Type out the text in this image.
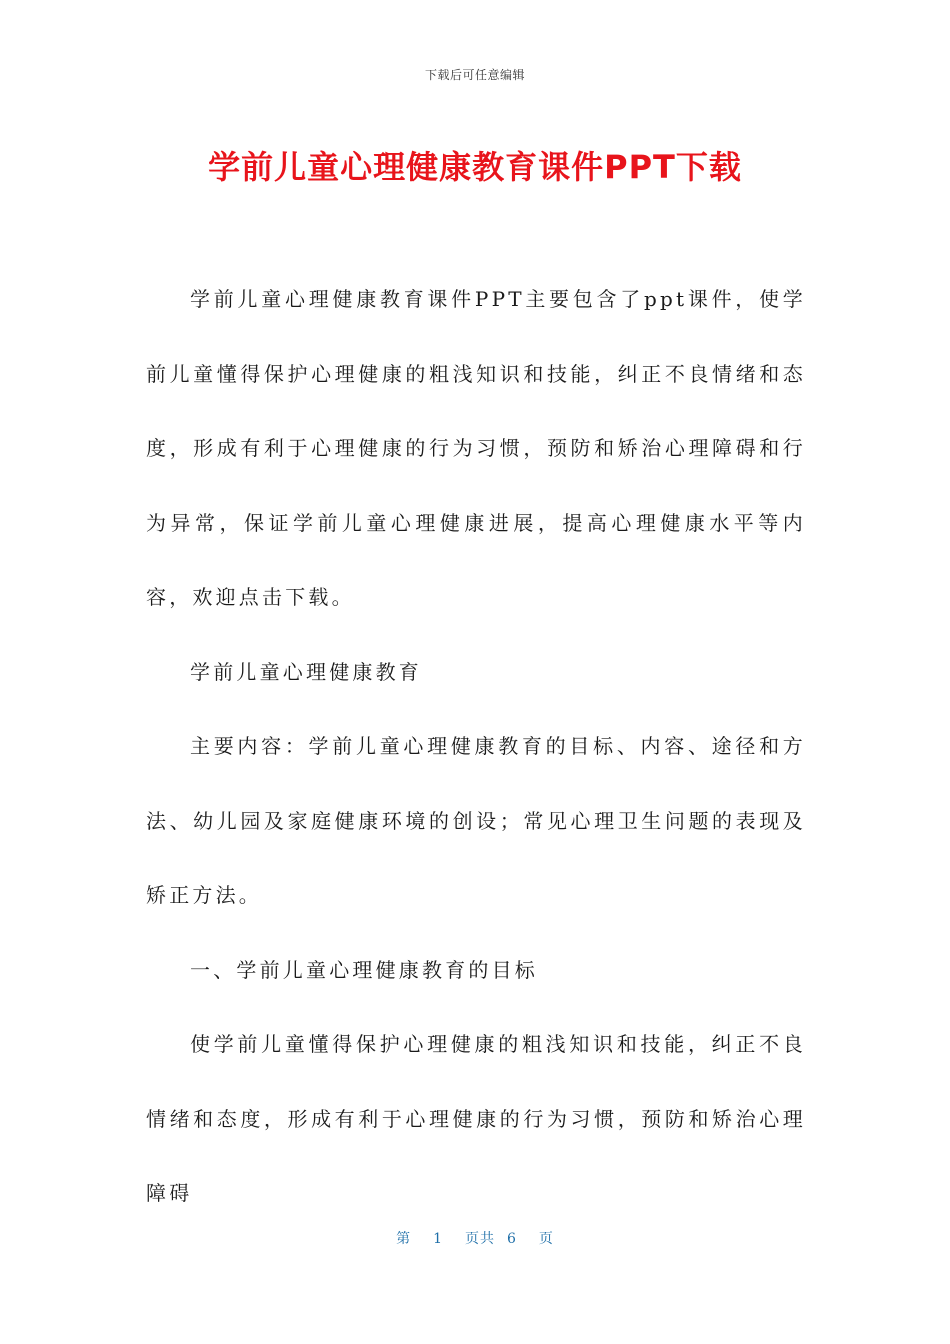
下载后可任意编辑
学前儿童心理健康教育课件PPT下载

学前儿童心理健康教育课件PPT主要包含了ppt课件，使学前儿童懂得保护心理健康的粗浅知识和技能，纠正不良情绪和态度，形成有利于心理健康的行为习惯，预防和矫治心理障碍和行为异常，保证学前儿童心理健康进展，提高心理健康水平等内容，欢迎点击下载。

学前儿童心理健康教育

主要内容：学前儿童心理健康教育的目标、内容、途径和方法、幼儿园及家庭健康环境的创设；常见心理卫生问题的表现及矫正方法。

一、学前儿童心理健康教育的目标

使学前儿童懂得保护心理健康的粗浅知识和技能，纠正不良情绪和态度，形成有利于心理健康的行为习惯，预防和矫治心理障碍

第 1 页共 6 页
